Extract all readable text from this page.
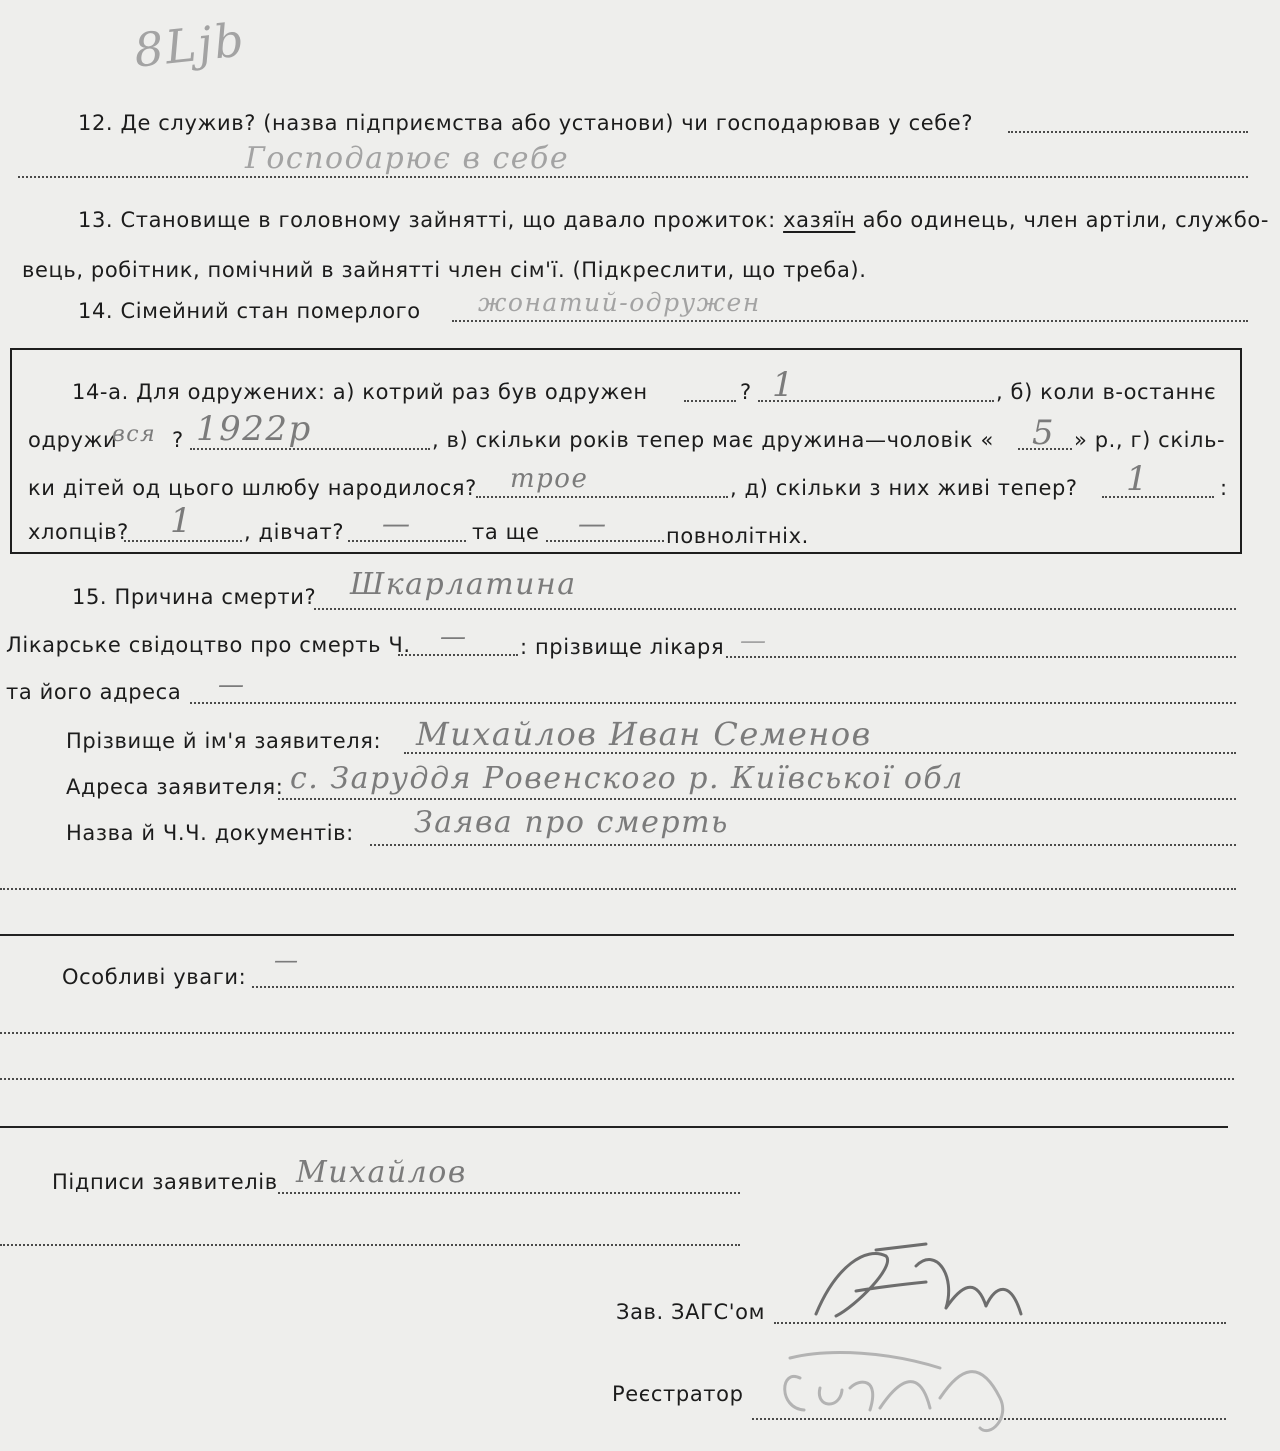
8Ljb
12. Де служив? (назва підприємства або установи) чи господарював у себе?
Господарює в себе
13. Становище в головному зайнятті, що давало прожиток: хазяїн або одинець, член артіли, службо-
вець, робітник, помічний в зайнятті член сім'ї. (Підкреслити, що треба).
14. Сімейний стан померлого жонатий-одружен
14-а. Для одружених: а) котрий раз був одружен	? 1	, б) коли в-останнє
одружи
вся ? 1922р	, в) скільки років тепер має дружина—чоловік « 5 » р., г) скіль-
ки дітей од цього шлюбу народилося? трое	, д) скільки з них живі тепер? 1	:
хлопців? 1 , дівчат? —	та ще —	повнолітніх.
15. Причина смерти? Шкарлатина
Лікарське свідоцтво про смерть Ч. —	: прізвище лікаря —
та його адреса —
Прізвище й ім'я заявителя: Михайлов Иван Семенов
Адреса заявителя: с. Заруддя Ровенского р. Київської обл
Назва й Ч.Ч. документів: Заява про смерть
Особливі уваги:
—
Підписи заявителів Михайлов
Зав. ЗАГС'ом
Реєстратор
